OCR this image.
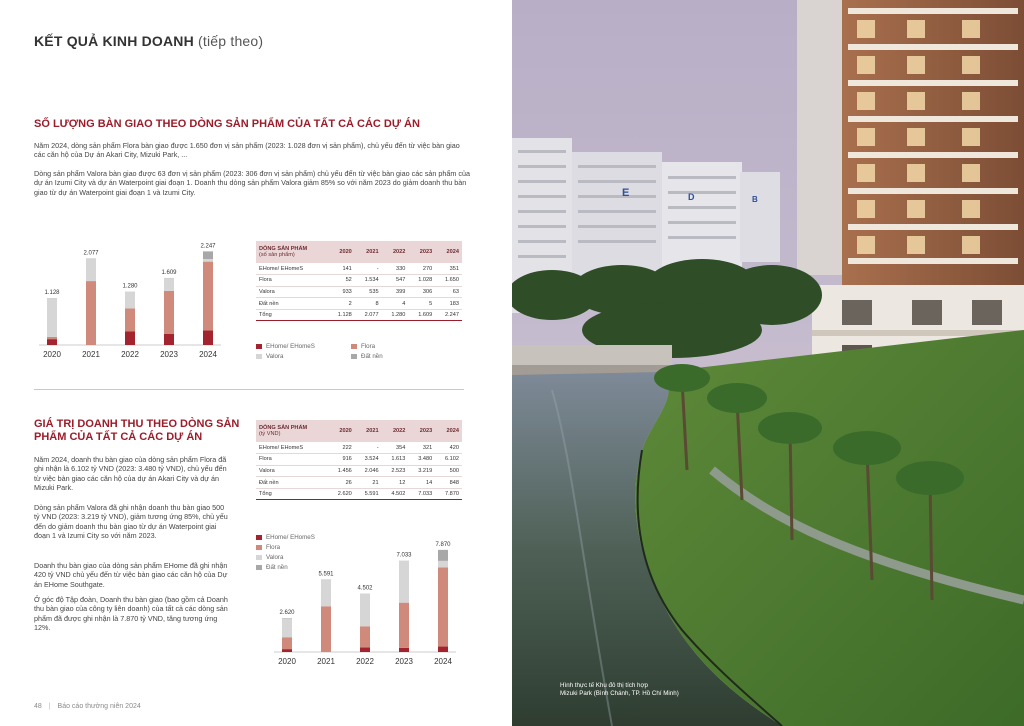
KẾT QUẢ KINH DOANH (tiếp theo)
SỐ LƯỢNG BÀN GIAO THEO DÒNG SẢN PHẨM CỦA TẤT CẢ CÁC DỰ ÁN
Năm 2024, dòng sản phẩm Flora bàn giao được 1.650 đơn vị sản phẩm (2023: 1.028 đơn vị sản phẩm), chủ yếu đến từ việc bàn giao các căn hộ của Dự án Akari City, Mizuki Park, ...
Dòng sản phẩm Valora bàn giao được 63 đơn vị sản phẩm (2023: 306 đơn vị sản phẩm) chủ yếu đến từ việc bàn giao các sản phẩm của dự án Izumi City và dự án Waterpoint giai đoạn 1. Doanh thu dòng sản phẩm Valora giảm 85% so với năm 2023 do giảm doanh thu bàn giao từ dự án Waterpoint giai đoạn 1 và Izumi City.
1.128
2020
2.077
2021
1.280
2022
1.609
2023
2.247
2024
EHome/ EHomeS	Flora
Valora	Đất nền
DÒNG SẢN PHẨM
(số sản phẩm)	2020	2021	2022	2023	2024
EHome/ EHomeS	141	-	330	270	351
Flora	52	1.534	547	1.028	1.650
Valora	933	535	399	306	63
Đất nền	2	8	4	5	183
Tổng	1.128	2.077	1.280	1.609	2.247
GIÁ TRỊ DOANH THU THEO DÒNG SẢN
PHẨM CỦA TẤT CẢ CÁC DỰ ÁN
Năm 2024, doanh thu bàn giao của dòng sản phẩm Flora đã ghi nhận là 6.102 tỷ VND (2023: 3.480 tỷ VND), chủ yếu đến từ việc bàn giao các căn hộ của dự án Akari City và dự án Mizuki Park.
Dòng sản phẩm Valora đã ghi nhận doanh thu bàn giao 500 tỷ VND (2023: 3.219 tỷ VND), giảm tương ứng 85%, chủ yếu đến do giảm doanh thu bàn giao từ dự án Waterpoint giai đoạn 1 và Izumi City so với năm 2023.
Doanh thu bàn giao của dòng sản phẩm EHome đã ghi nhận 420 tỷ VND chủ yếu đến từ việc bàn giao các căn hộ của Dự án EHome Southgate.
Ở góc độ Tập đoàn, Doanh thu bàn giao (bao gồm cả Doanh thu bàn giao của công ty liên doanh) của tất cả các dòng sản phẩm đã được ghi nhận là 7.870 tỷ VND, tăng tương ứng 12%.
DÒNG SẢN PHẨM
(tỷ VND)	2020	2021	2022	2023	2024
EHome/ EHomeS	222	-	354	321	420
Flora	916	3.524	1.613	3.480	6.102
Valora	1.456	2.046	2.523	3.219	500
Đất nền	26	21	12	14	848
Tổng	2.620	5.591	4.502	7.033	7.870
EHome/ EHomeS
Flora
Valora
Đất nền
2.620
2020
5.591
2021
4.502
2022
7.033
2023
7.870
2024
48 | Báo cáo thường niên 2024
E	D	B
Hình thực tế Khu đô thị tích hợp
Mizuki Park (Bình Chánh, TP. Hồ Chí Minh)
